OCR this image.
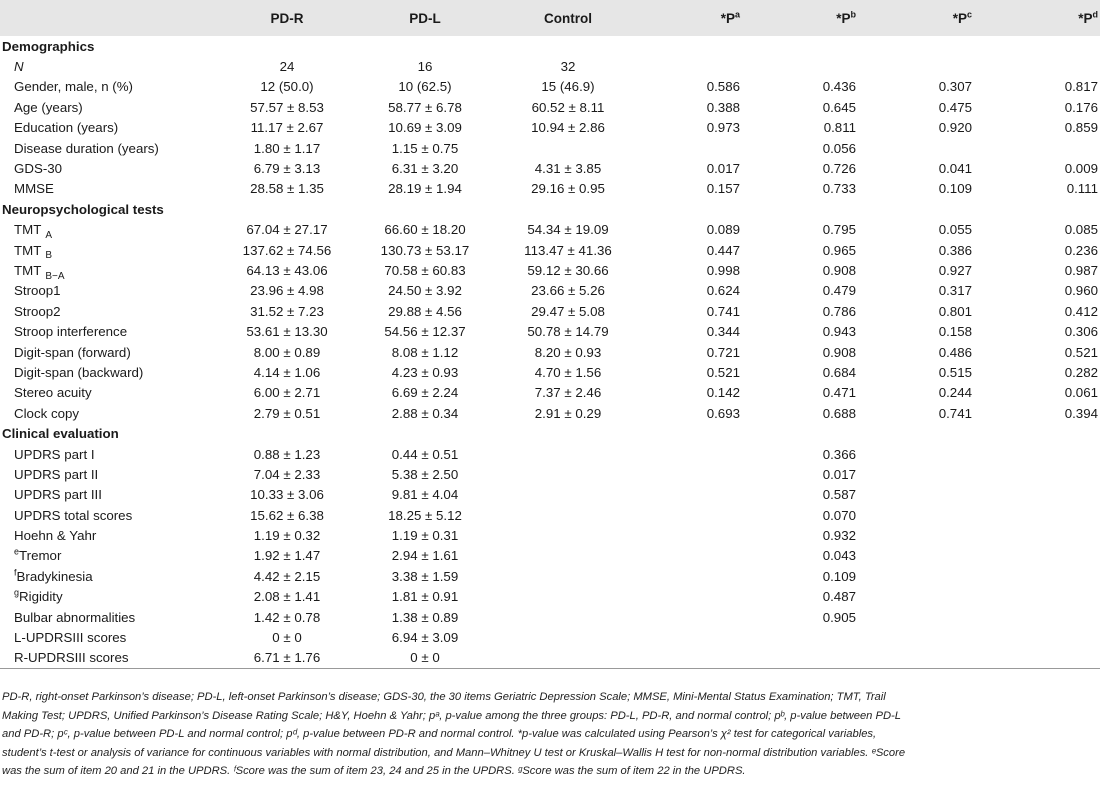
	PD-R	PD-L	Control	$*P^a$	$*P^b$	$*P^c$	$*P^d$
Demographics							
N	24	16	32				
Gender, male, n (%)	12 (50.0)	10 (62.5)	15 (46.9)	0.586	0.436	0.307	0.817
Age (years)	57.57 ± 8.53	58.77 ± 6.78	60.52 ± 8.11	0.388	0.645	0.475	0.176
Education (years)	11.17 ± 2.67	10.69 ± 3.09	10.94 ± 2.86	0.973	0.811	0.920	0.859
Disease duration (years)	1.80 ± 1.17	1.15 ± 0.75			0.056		
GDS-30	6.79 ± 3.13	6.31 ± 3.20	4.31 ± 3.85	0.017	0.726	0.041	0.009
MMSE	28.58 ± 1.35	28.19 ± 1.94	29.16 ± 0.95	0.157	0.733	0.109	0.111
Neuropsychological tests							
TMT $_A$	67.04 ± 27.17	66.60 ± 18.20	54.34 ± 19.09	0.089	0.795	0.055	0.085
TMT $_B$	137.62 ± 74.56	130.73 ± 53.17	113.47 ± 41.36	0.447	0.965	0.386	0.236
TMT $_{B-A}$	64.13 ± 43.06	70.58 ± 60.83	59.12 ± 30.66	0.998	0.908	0.927	0.987
Stroop1	23.96 ± 4.98	24.50 ± 3.92	23.66 ± 5.26	0.624	0.479	0.317	0.960
Stroop2	31.52 ± 7.23	29.88 ± 4.56	29.47 ± 5.08	0.741	0.786	0.801	0.412
Stroop interference	53.61 ± 13.30	54.56 ± 12.37	50.78 ± 14.79	0.344	0.943	0.158	0.306
Digit-span (forward)	8.00 ± 0.89	8.08 ± 1.12	8.20 ± 0.93	0.721	0.908	0.486	0.521
Digit-span (backward)	4.14 ± 1.06	4.23 ± 0.93	4.70 ± 1.56	0.521	0.684	0.515	0.282
Stereo acuity	6.00 ± 2.71	6.69 ± 2.24	7.37 ± 2.46	0.142	0.471	0.244	0.061
Clock copy	2.79 ± 0.51	2.88 ± 0.34	2.91 ± 0.29	0.693	0.688	0.741	0.394
Clinical evaluation							
UPDRS part I	0.88 ± 1.23	0.44 ± 0.51			0.366		
UPDRS part II	7.04 ± 2.33	5.38 ± 2.50			0.017		
UPDRS part III	10.33 ± 3.06	9.81 ± 4.04			0.587		
UPDRS total scores	15.62 ± 6.38	18.25 ± 5.12			0.070		
Hoehn & Yahr	1.19 ± 0.32	1.19 ± 0.31			0.932		
$^e$Tremor	1.92 ± 1.47	2.94 ± 1.61			0.043		
$^f$Bradykinesia	4.42 ± 2.15	3.38 ± 1.59			0.109		
$^g$Rigidity	2.08 ± 1.41	1.81 ± 0.91			0.487		
Bulbar abnormalities	1.42 ± 0.78	1.38 ± 0.89			0.905		
L-UPDRSIII scores	0 ± 0	6.94 ± 3.09					
R-UPDRSIII scores	6.71 ± 1.76	0 ± 0					
PD-R, right-onset Parkinson’s disease; PD-L, left-onset Parkinson’s disease; GDS-30, the 30 items Geriatric Depression Scale; MMSE, Mini-Mental Status Examination; TMT, Trail
Making Test; UPDRS, Unified Parkinson’s Disease Rating Scale; H&Y, Hoehn & Yahr; pᵃ, p-value among the three groups: PD-L, PD-R, and normal control; pᵇ, p-value between PD-L
and PD-R; pᶜ, p-value between PD-L and normal control; pᵈ, p-value between PD-R and normal control. *p-value was calculated using Pearson’s χ² test for categorical variables,
student’s t-test or analysis of variance for continuous variables with normal distribution, and Mann–Whitney U test or Kruskal–Wallis H test for non-normal distribution variables. ᵉScore
was the sum of item 20 and 21 in the UPDRS. ᶠScore was the sum of item 23, 24 and 25 in the UPDRS. ᵍScore was the sum of item 22 in the UPDRS.
